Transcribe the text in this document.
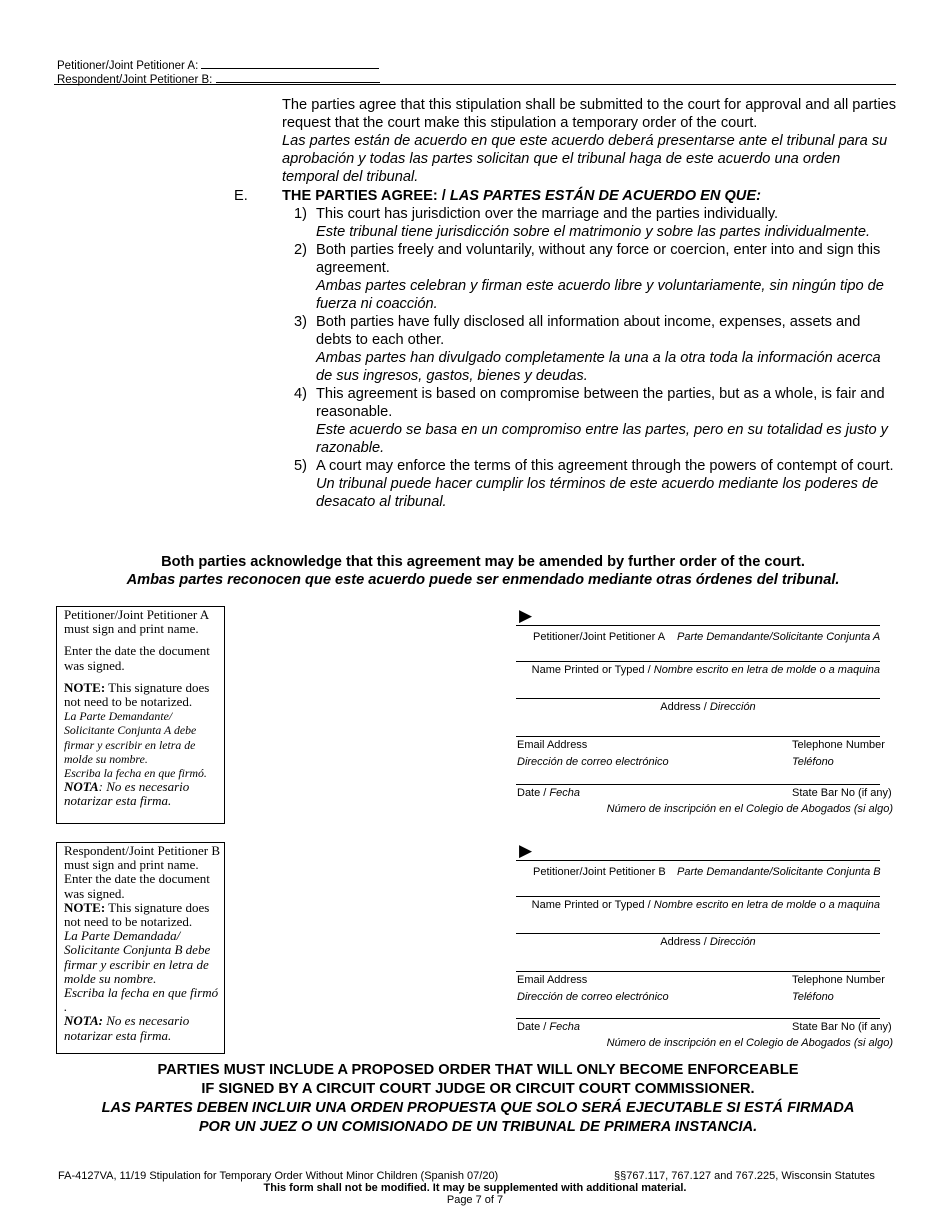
Petitioner/Joint Petitioner A:
Respondent/Joint Petitioner B:
The parties agree that this stipulation shall be submitted to the court for approval and all parties request that the court make this stipulation a temporary order of the court.
Las partes están de acuerdo en que este acuerdo deberá presentarse ante el tribunal para su aprobación y todas las partes solicitan que el tribunal haga de este acuerdo una orden temporal del tribunal.
E. THE PARTIES AGREE: / LAS PARTES ESTÁN DE ACUERDO EN QUE:
1) This court has jurisdiction over the marriage and the parties individually.
Este tribunal tiene jurisdicción sobre el matrimonio y sobre las partes individualmente.
2) Both parties freely and voluntarily, without any force or coercion, enter into and sign this agreement.
Ambas partes celebran y firman este acuerdo libre y voluntariamente, sin ningún tipo de fuerza ni coacción.
3) Both parties have fully disclosed all information about income, expenses, assets and debts to each other.
Ambas partes han divulgado completamente la una a la otra toda la información acerca de sus ingresos, gastos, bienes y deudas.
4) This agreement is based on compromise between the parties, but as a whole, is fair and reasonable.
Este acuerdo se basa en un compromiso entre las partes, pero en su totalidad es justo y razonable.
5) A court may enforce the terms of this agreement through the powers of contempt of court.
Un tribunal puede hacer cumplir los términos de este acuerdo mediante los poderes de desacato al tribunal.
Both parties acknowledge that this agreement may be amended by further order of the court.
Ambas partes reconocen que este acuerdo puede ser enmendado mediante otras órdenes del tribunal.

Petitioner/Joint Petitioner A must sign and print name.

Enter the date the document was signed.

NOTE: This signature does not need to be notarized.

La Parte Demandante/ Solicitante Conjunta A debe firmar y escribir en letra de molde su nombre.

Escriba la fecha en que firmó.

NOTA: No es necesario notarizar esta firma.

Respondent/Joint Petitioner B must sign and print name.

Enter the date the document was signed.

NOTE: This signature does not need to be notarized.

La Parte Demandada/ Solicitante Conjunta B debe firmar y escribir en letra de molde su nombre.

Escriba la fecha en que firmó .

NOTA: No es necesario notarizar esta firma.

▶
Petitioner/Joint Petitioner A Parte Demandante/Solicitante Conjunta A
Name Printed or Typed / Nombre escrito en letra de molde o a maquina
Address / Dirección
Email Address	Telephone Number
Dirección de correo electrónico	Teléfono
Date / Fecha	State Bar No (if any)
Número de inscripción en el Colegio de Abogados (si algo)
▶
Petitioner/Joint Petitioner B Parte Demandante/Solicitante Conjunta B
Name Printed or Typed / Nombre escrito en letra de molde o a maquina
Address / Dirección
Email Address	Telephone Number
Dirección de correo electrónico	Teléfono
Date / Fecha	State Bar No (if any)
Número de inscripción en el Colegio de Abogados (si algo)
PARTIES MUST INCLUDE A PROPOSED ORDER THAT WILL ONLY BECOME ENFORCEABLE
IF SIGNED BY A CIRCUIT COURT JUDGE OR CIRCUIT COURT COMMISSIONER.
LAS PARTES DEBEN INCLUIR UNA ORDEN PROPUESTA QUE SOLO SERÁ EJECUTABLE SI ESTÁ FIRMADA
POR UN JUEZ O UN COMISIONADO DE UN TRIBUNAL DE PRIMERA INSTANCIA.
FA-4127VA, 11/19 Stipulation for Temporary Order Without Minor Children (Spanish 07/20)	§§767.117, 767.127 and 767.225, Wisconsin Statutes
This form shall not be modified. It may be supplemented with additional material.
Page 7 of 7
